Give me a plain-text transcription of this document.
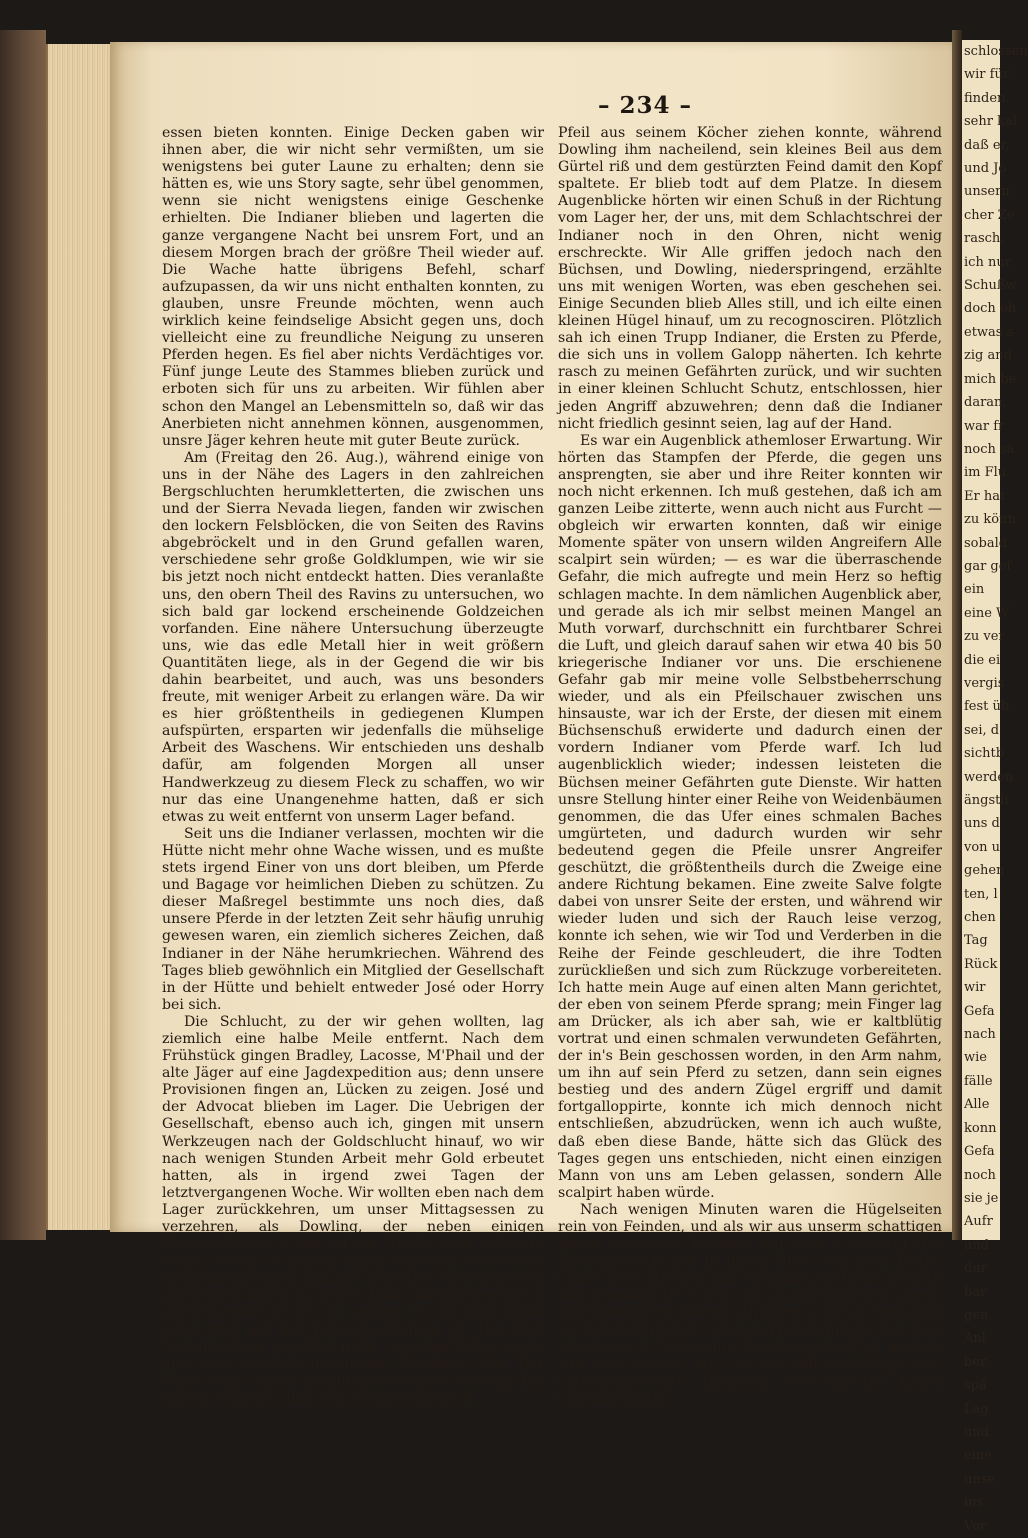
– 234 –
schlossen
wir für
finden.
sehr kal
daß er,
und Jo
unsern
cher Ze
rasch,
ich nur
Schußw
doch oh
etwas s
zig and
mich be
daran,
war fr
noch sä
im Flu
Er hat
zu könn
sobald
gar gef
ein
eine W
zu ver
die ei
vergis
fest üb
sei, d
sichtb
werden
ängstli
uns d
von u
gehen
ten, l
chen
Tag
Rück
wir
Gefa
nach
wie
fälle
Alle
konn
Gefa
noch
sie je
Aufr
und
dur
bar
gen
Anl
ber
spä
Lag
und
eine
unse
ins
Vor

essen bieten konnten. Einige Decken gaben wir ihnen aber, die wir nicht sehr vermißten, um sie wenigstens bei guter Laune zu erhalten; denn sie hätten es, wie uns Story sagte, sehr übel genommen, wenn sie nicht wenigstens einige Geschenke erhielten. Die Indianer blieben und lagerten die ganze vergangene Nacht bei unsrem Fort, und an diesem Morgen brach der größre Theil wieder auf. Die Wache hatte übrigens Befehl, scharf aufzupassen, da wir uns nicht enthalten konnten, zu glauben, unsre Freunde möchten, wenn auch wirklich keine feindselige Absicht gegen uns, doch vielleicht eine zu freundliche Neigung zu unseren Pferden hegen. Es fiel aber nichts Verdächtiges vor. Fünf junge Leute des Stammes blieben zurück und erboten sich für uns zu arbeiten. Wir fühlen aber schon den Mangel an Lebensmitteln so, daß wir das Anerbieten nicht annehmen können, ausgenommen, unsre Jäger kehren heute mit guter Beute zurück.

Am (Freitag den 26. Aug.), während einige von uns in der Nähe des Lagers in den zahlreichen Bergschluchten herumkletterten, die zwischen uns und der Sierra Nevada liegen, fanden wir zwischen den lockern Felsblöcken, die von Seiten des Ravins abgebröckelt und in den Grund gefallen waren, verschiedene sehr große Goldklumpen, wie wir sie bis jetzt noch nicht entdeckt hatten. Dies veranlaßte uns, den obern Theil des Ravins zu untersuchen, wo sich bald gar lockend erscheinende Goldzeichen vorfanden. Eine nähere Untersuchung überzeugte uns, wie das edle Metall hier in weit größern Quantitäten liege, als in der Gegend die wir bis dahin bearbeitet, und auch, was uns besonders freute, mit weniger Arbeit zu erlangen wäre. Da wir es hier größtentheils in gediegenen Klumpen aufspürten, ersparten wir jedenfalls die mühselige Arbeit des Waschens. Wir entschieden uns deshalb dafür, am folgenden Morgen all unser Handwerkzeug zu diesem Fleck zu schaffen, wo wir nur das eine Unangenehme hatten, daß er sich etwas zu weit entfernt von unserm Lager befand.

Seit uns die Indianer verlassen, mochten wir die Hütte nicht mehr ohne Wache wissen, und es mußte stets irgend Einer von uns dort bleiben, um Pferde und Bagage vor heimlichen Dieben zu schützen. Zu dieser Maßregel bestimmte uns noch dies, daß unsere Pferde in der letzten Zeit sehr häufig unruhig gewesen waren, ein ziemlich sicheres Zeichen, daß Indianer in der Nähe herumkriechen. Während des Tages blieb gewöhnlich ein Mitglied der Gesellschaft in der Hütte und behielt entweder José oder Horry bei sich.

Die Schlucht, zu der wir gehen wollten, lag ziemlich eine halbe Meile entfernt. Nach dem Frühstück gingen Bradley, Lacosse, M'Phail und der alte Jäger auf eine Jagdexpedition aus; denn unsere Provisionen fingen an, Lücken zu zeigen. José und der Advocat blieben im Lager. Die Uebrigen der Gesellschaft, ebenso auch ich, gingen mit unsern Werkzeugen nach der Goldschlucht hinauf, wo wir nach wenigen Stunden Arbeit mehr Gold erbeutet hatten, als in irgend zwei Tagen der letztvergangenen Woche. Wir wollten eben nach dem Lager zurückkehren, um unser Mittagsessen zu verzehren, als Dowling, der neben einigen Wermuthbüschen am obern Theile der Schlucht stand, etwas zwischen ihnen rascheln hörte und anspringend einen Indianer bemerkte, der sich eben davon zu schleichen suchte. Kaum aber bemerkte er, daß er entdeckt sei, so sprang er auf und schoß einen Pfeil auf den Kopf des Weißen ab. Der Pfeil traf allerdings sein Ziel nicht, zerschnitt aber doch, und zwar ziemlich bedeutend, Dowling's Ohr. Der Wilde stieß einen furchtbaren Schrei aus und lief davon, stolperte aber, ehe er einen zweiten

Pfeil aus seinem Köcher ziehen konnte, während Dowling ihm nacheilend, sein kleines Beil aus dem Gürtel riß und dem gestürzten Feind damit den Kopf spaltete. Er blieb todt auf dem Platze. In diesem Augenblicke hörten wir einen Schuß in der Richtung vom Lager her, der uns, mit dem Schlachtschrei der Indianer noch in den Ohren, nicht wenig erschreckte. Wir Alle griffen jedoch nach den Büchsen, und Dowling, niederspringend, erzählte uns mit wenigen Worten, was eben geschehen sei. Einige Secunden blieb Alles still, und ich eilte einen kleinen Hügel hinauf, um zu recognosciren. Plötzlich sah ich einen Trupp Indianer, die Ersten zu Pferde, die sich uns in vollem Galopp näherten. Ich kehrte rasch zu meinen Gefährten zurück, und wir suchten in einer kleinen Schlucht Schutz, entschlossen, hier jeden Angriff abzuwehren; denn daß die Indianer nicht friedlich gesinnt seien, lag auf der Hand.

Es war ein Augenblick athemloser Erwartung. Wir hörten das Stampfen der Pferde, die gegen uns ansprengten, sie aber und ihre Reiter konnten wir noch nicht erkennen. Ich muß gestehen, daß ich am ganzen Leibe zitterte, wenn auch nicht aus Furcht — obgleich wir erwarten konnten, daß wir einige Momente später von unsern wilden Angreifern Alle scalpirt sein würden; — es war die überraschende Gefahr, die mich aufregte und mein Herz so heftig schlagen machte. In dem nämlichen Augenblick aber, und gerade als ich mir selbst meinen Mangel an Muth vorwarf, durchschnitt ein furchtbarer Schrei die Luft, und gleich darauf sahen wir etwa 40 bis 50 kriegerische Indianer vor uns. Die erschienene Gefahr gab mir meine volle Selbstbeherrschung wieder, und als ein Pfeilschauer zwischen uns hinsauste, war ich der Erste, der diesen mit einem Büchsenschuß erwiderte und dadurch einen der vordern Indianer vom Pferde warf. Ich lud augenblicklich wieder; indessen leisteten die Büchsen meiner Gefährten gute Dienste. Wir hatten unsre Stellung hinter einer Reihe von Weidenbäumen genommen, die das Ufer eines schmalen Baches umgürteten, und dadurch wurden wir sehr bedeutend gegen die Pfeile unsrer Angreifer geschützt, die größtentheils durch die Zweige eine andere Richtung bekamen. Eine zweite Salve folgte dabei von unsrer Seite der ersten, und während wir wieder luden und sich der Rauch leise verzog, konnte ich sehen, wie wir Tod und Verderben in die Reihe der Feinde geschleudert, die ihre Todten zurückließen und sich zum Rückzuge vorbereiteten. Ich hatte mein Auge auf einen alten Mann gerichtet, der eben von seinem Pferde sprang; mein Finger lag am Drücker, als ich aber sah, wie er kaltblütig vortrat und einen schmalen verwundeten Gefährten, der in's Bein geschossen worden, in den Arm nahm, um ihn auf sein Pferd zu setzen, dann sein eignes bestieg und des andern Zügel ergriff und damit fortgalloppirte, konnte ich mich dennoch nicht entschließen, abzudrücken, wenn ich auch wußte, daß eben diese Bande, hätte sich das Glück des Tages gegen uns entschieden, nicht einen einzigen Mann von uns am Leben gelassen, sondern Alle scalpirt haben würde.

Nach wenigen Minuten waren die Hügelseiten rein von Feinden, und als wir aus unserm schattigen Ravin vortraten, konnten wir nur noch drei der Zurückgebliebenen in ihrem Blute, ein paar Pfeile, einige leere Köcher und ein paar zerstreute Federn und Tomahawks sehen, die auf dem Boden lagen. Einer nach dem Andern schlichen wir jetzt vorsichtig nach dem Gipfel des kleinen Hügels hinauf, von dem ich das erste Naben der Feinde beobachtet, und als wir dort fanden, wie sie im vollen Gallopp eine entgegengesetzte Richtung von unserm Lager einschlugen, be-
